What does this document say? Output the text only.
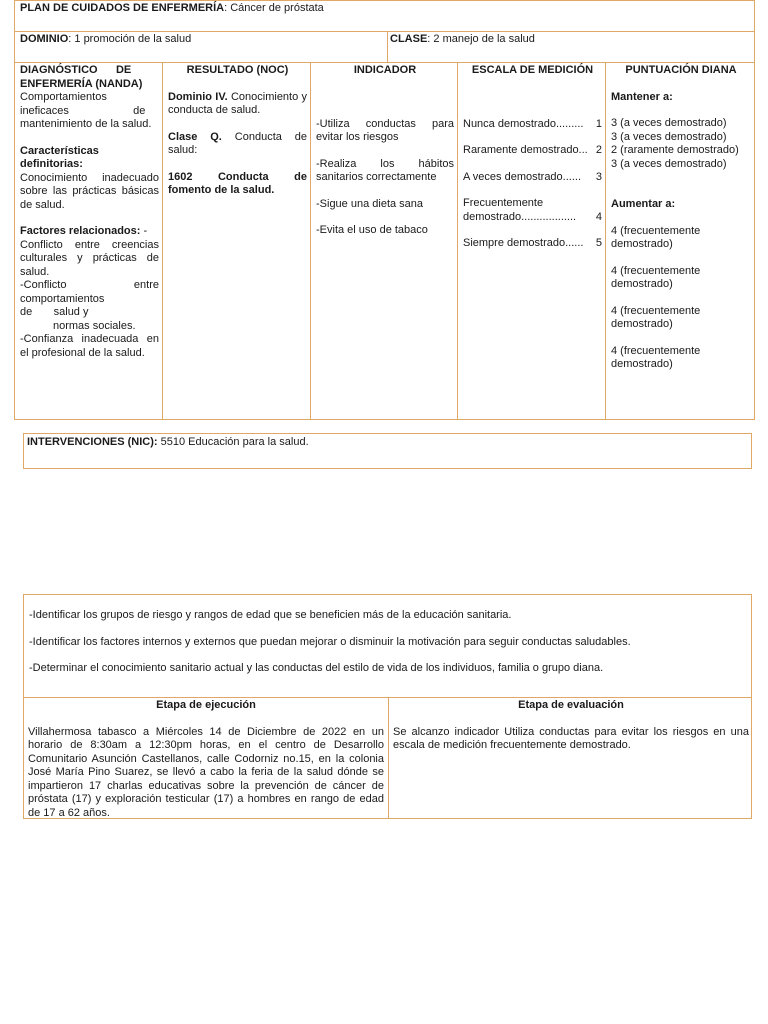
PLAN DE CUIDADOS DE ENFERMERÍA: Cáncer de próstata
DOMINIO: 1 promoción de la salud	CLASE: 2 manejo de la salud

DIAGNÓSTICO      DE

ENFERMERÍA (NANDA)

Comportamientos

ineficaces                     de

mantenimiento de la salud.

Características

definitorias:

Conocimiento inadecuado sobre las prácticas básicas de salud.

Factores relacionados: -

Conflicto entre creencias culturales y prácticas de salud.

-Conflicto entre comportamientos

de       salud y

normas sociales.

-Confianza inadecuada en el profesional de la salud.

RESULTADO (NOC)

Dominio IV. Conocimiento y conducta de salud.

Clase Q. Conducta de salud:

1602 Conducta de fomento de la salud.

INDICADOR

-Utiliza conductas para evitar los riesgos

-Realiza los hábitos sanitarios correctamente

-Sigue una dieta sana

-Evita el uso de tabaco

ESCALA DE MEDICIÓN

Nunca demostrado......... 1

Raramente demostrado... 2

A veces demostrado...... 3

Frecuentemente

demostrado.................. 4

Siempre demostrado...... 5

PUNTUACIÓN DIANA

Mantener a:

3 (a veces demostrado)

3 (a veces demostrado)

2 (raramente demostrado)

3 (a veces demostrado)

Aumentar a:

4 (frecuentemente demostrado)

4 (frecuentemente demostrado)

4 (frecuentemente demostrado)

4 (frecuentemente demostrado)

INTERVENCIONES (NIC): 5510 Educación para la salud.

-Identificar los grupos de riesgo y rangos de edad que se beneficien más de la educación sanitaria.

-Identificar los factores internos y externos que puedan mejorar o disminuir la motivación para seguir conductas saludables.

-Determinar el conocimiento sanitario actual y las conductas del estilo de vida de los individuos, familia o grupo diana.

Etapa de ejecución

Villahermosa tabasco a Miércoles 14 de Diciembre de 2022 en un horario de 8:30am a 12:30pm horas, en el centro de Desarrollo Comunitario Asunción Castellanos, calle Codorniz no.15, en la colonia José María Pino Suarez, se llevó a cabo la feria de la salud dónde se impartieron 17 charlas educativas sobre la prevención de cáncer de próstata (17) y exploración testicular (17) a hombres en rango de edad de 17 a 62 años.

Etapa de evaluación

Se alcanzo indicador Utiliza conductas para evitar los riesgos en una escala de medición frecuentemente demostrado.
